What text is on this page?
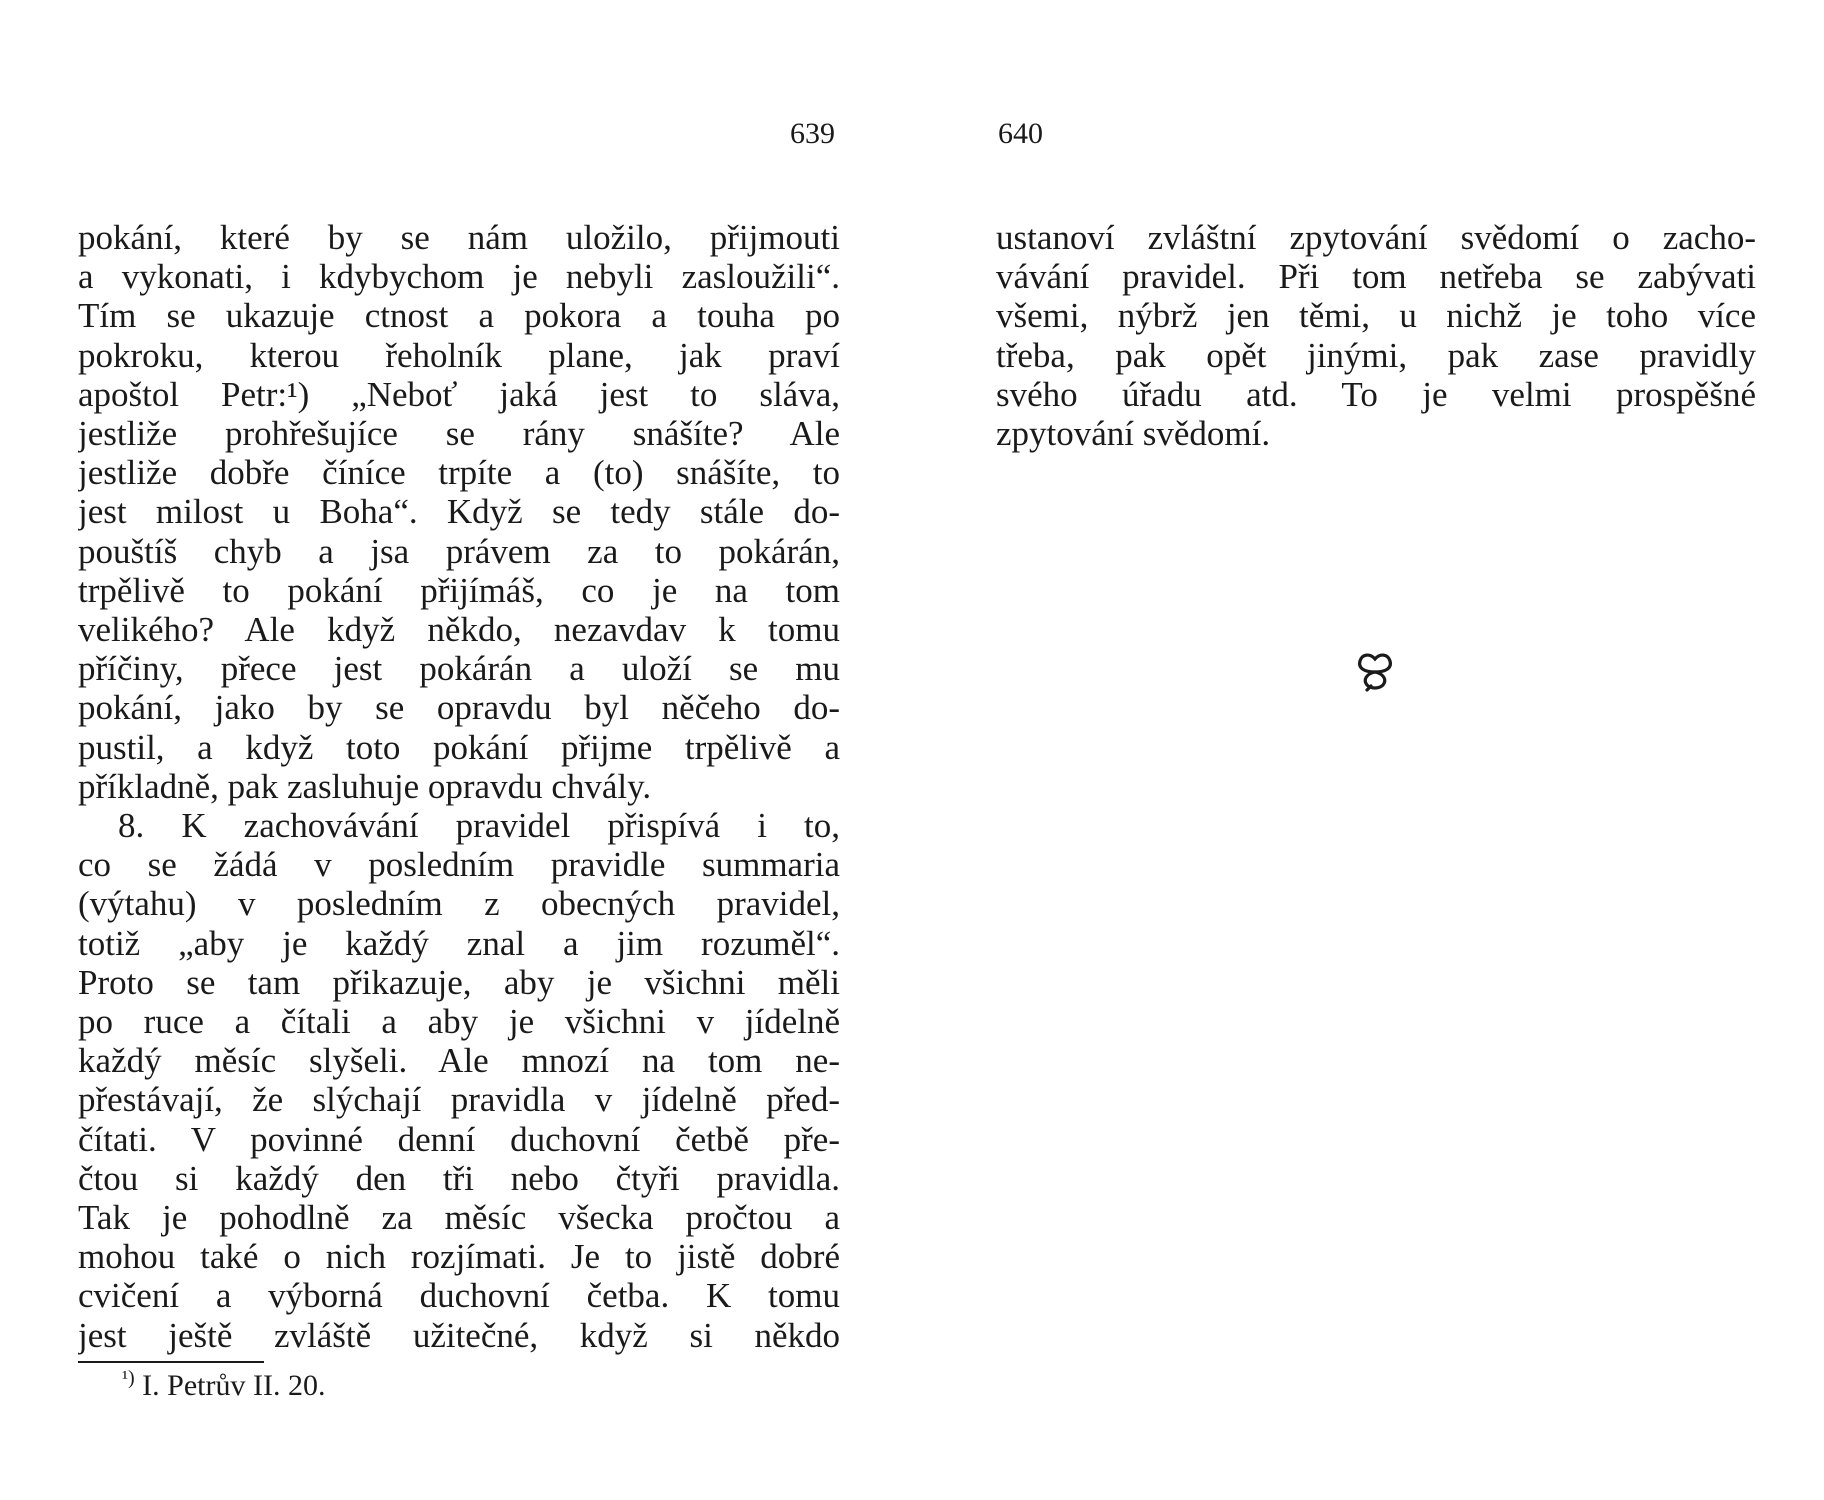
639	640
pokání, které by se nám uložilo, přijmouti
a vykonati, i kdybychom je nebyli zasloužili“.
Tím se ukazuje ctnost a pokora a touha po
pokroku, kterou řeholník plane, jak praví
apoštol Petr:¹) „Neboť jaká jest to sláva,
jestliže prohřešujíce se rány snášíte? Ale
jestliže dobře číníce trpíte a (to) snášíte, to
jest milost u Boha“. Když se tedy stále do-
pouštíš chyb a jsa právem za to pokárán,
trpělivě to pokání přijímáš, co je na tom
velikého? Ale když někdo, nezavdav k tomu
příčiny, přece jest pokárán a uloží se mu
pokání, jako by se opravdu byl něčeho do-
pustil, a když toto pokání přijme trpělivě a
příkladně, pak zasluhuje opravdu chvály.
8. K zachovávání pravidel přispívá i to,
co se žádá v posledním pravidle summaria
(výtahu) v posledním z obecných pravidel,
totiž „aby je každý znal a jim rozuměl“.
Proto se tam přikazuje, aby je všichni měli
po ruce a čítali a aby je všichni v jídelně
každý měsíc slyšeli. Ale mnozí na tom ne-
přestávají, že slýchají pravidla v jídelně před-
čítati. V povinné denní duchovní četbě pře-
čtou si každý den tři nebo čtyři pravidla.
Tak je pohodlně za měsíc všecka pročtou a
mohou také o nich rozjímati. Je to jistě dobré
cvičení a výborná duchovní četba. K tomu
jest ještě zvláště užitečné, když si někdo
ustanoví zvláštní zpytování svědomí o zacho-
vávání pravidel. Při tom netřeba se zabývati
všemi, nýbrž jen těmi, u nichž je toho více
třeba, pak opět jinými, pak zase pravidly
svého úřadu atd. To je velmi prospěšné
zpytování svědomí.
$^{^1)}$ I. Petrův II. 20.
